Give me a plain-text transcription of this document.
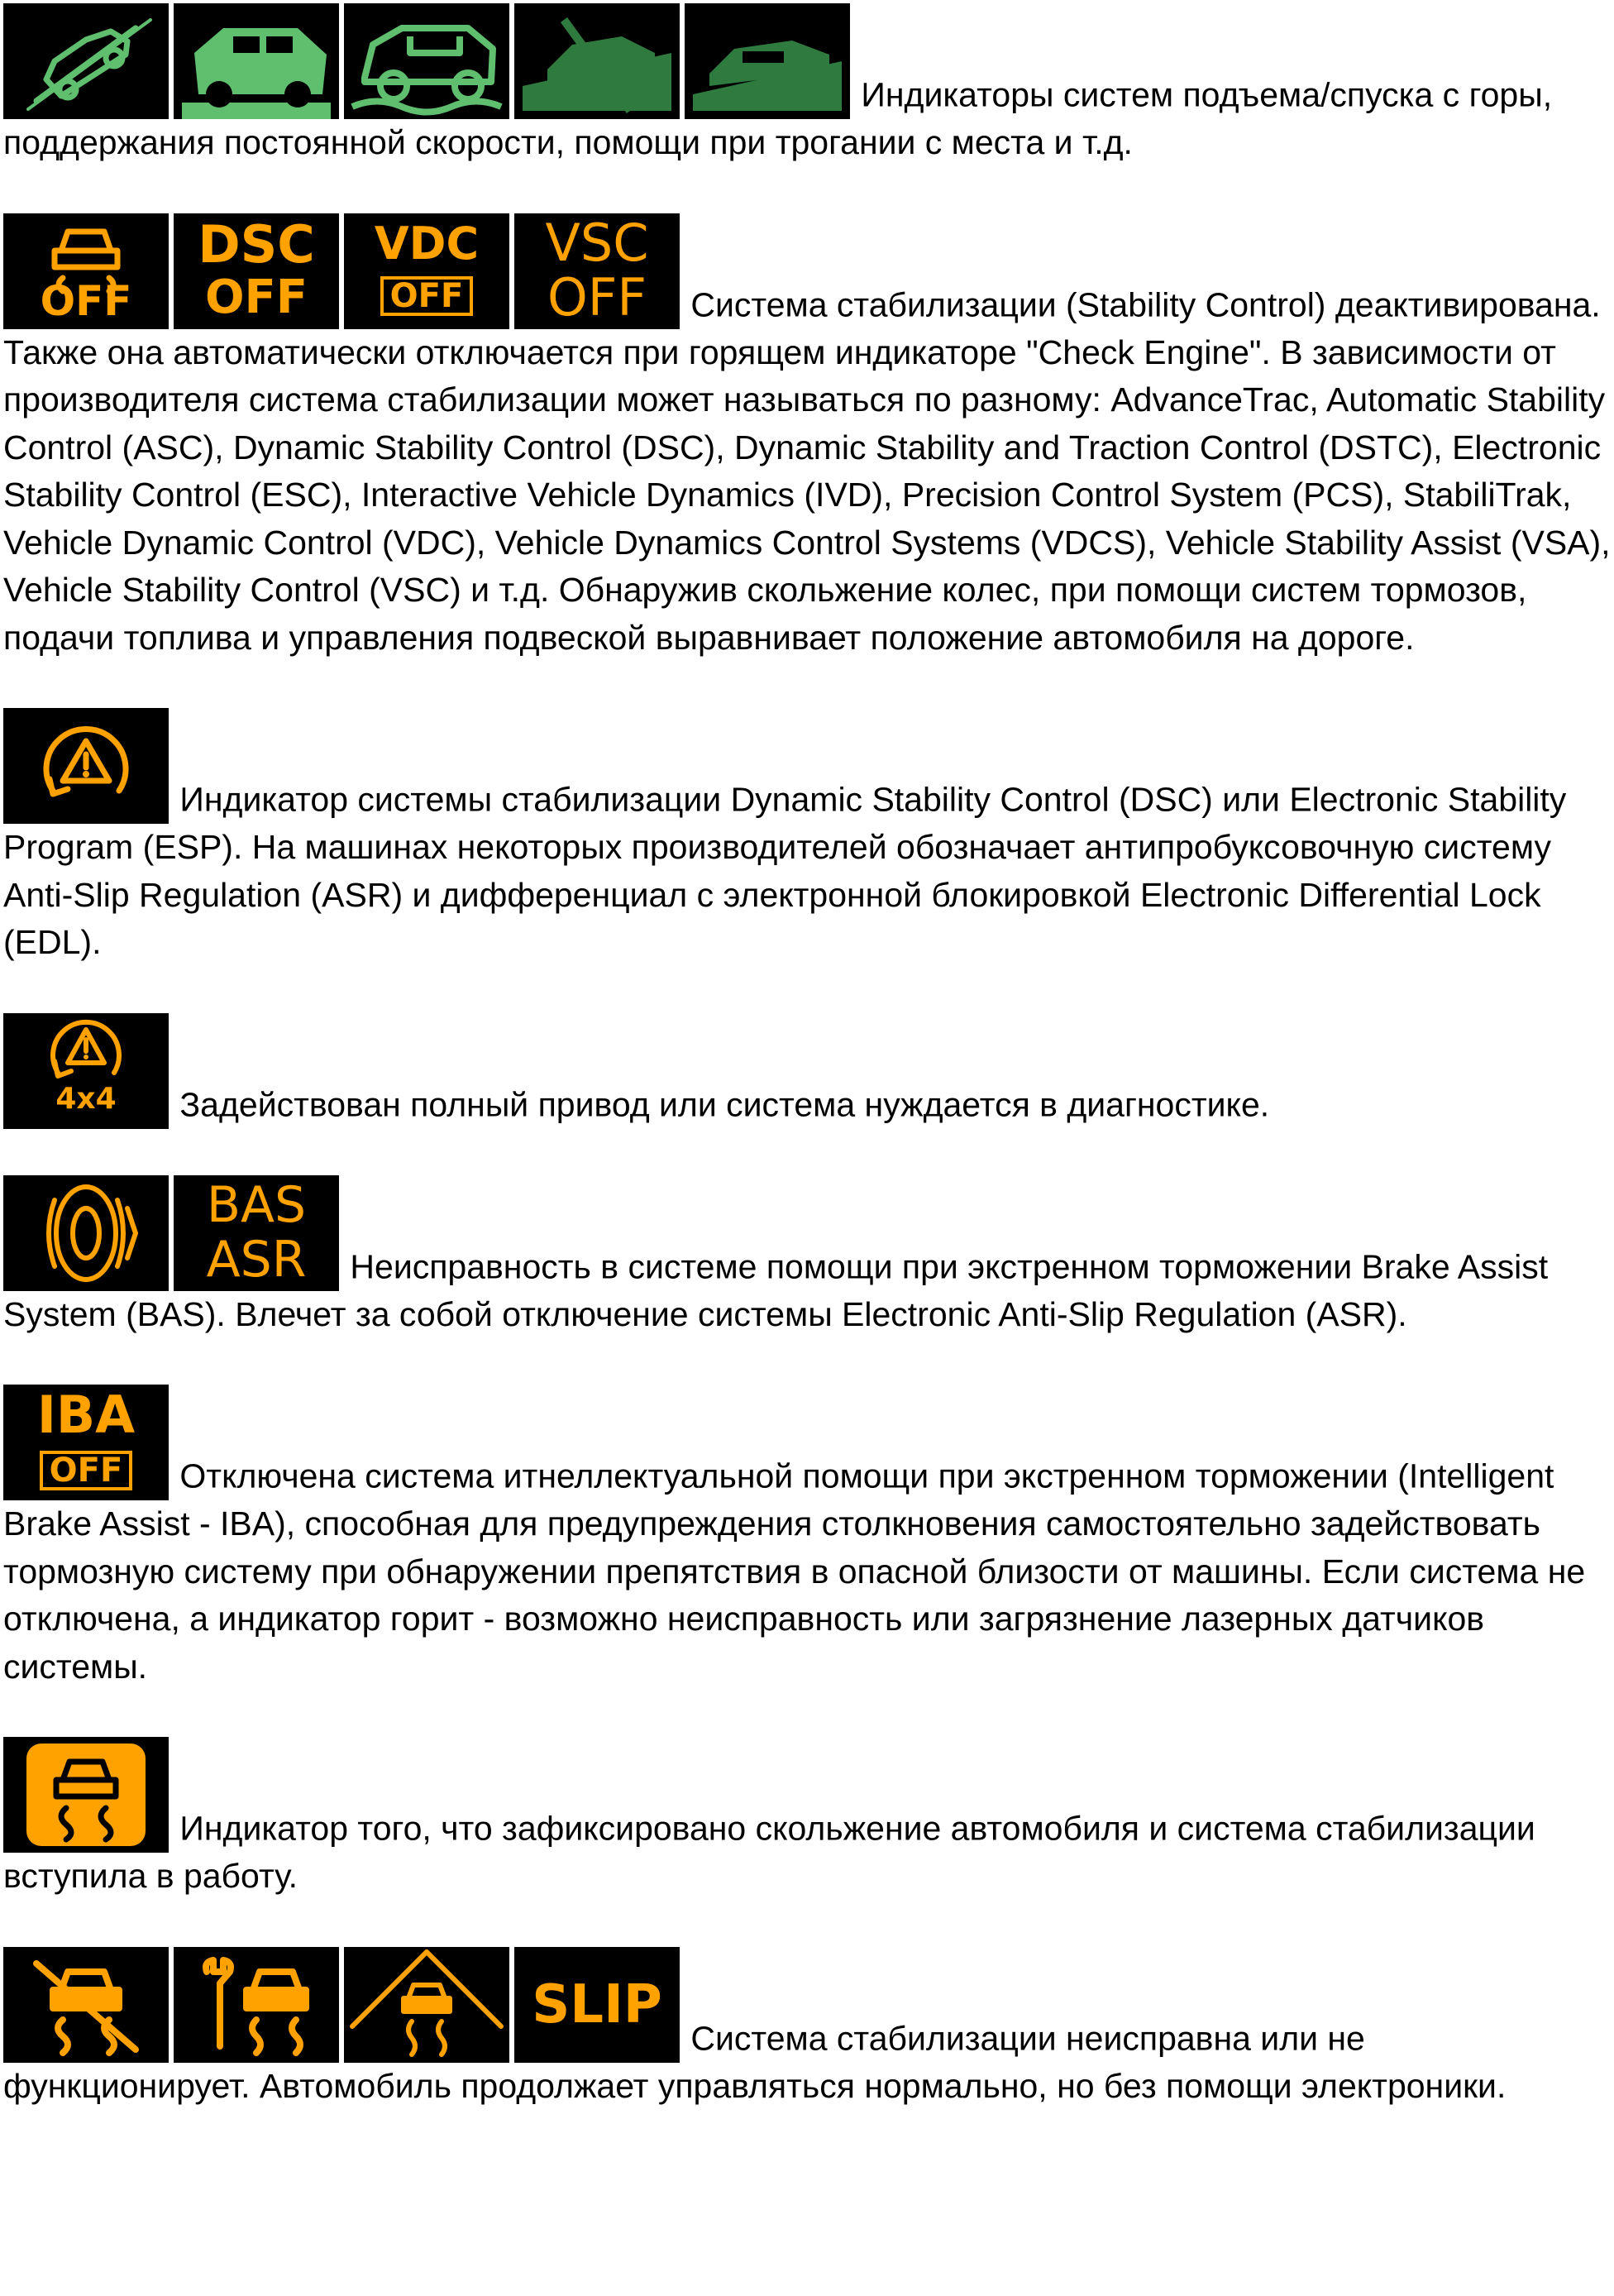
Индикаторы систем подъема/спуска с горы, поддержания постоянной скорости, помощи при трогании с места и т.д.

OFF
DSC
OFF
VDC
OFF
VSC
OFF	Система стабилизации (Stability Control) деактивирована. Также она автоматически отключается при горящем индикаторе "Check Engine". В зависимости от производителя система стабилизации может называться по разному: AdvanceTrac, Automatic Stability Control (ASC), Dynamic Stability Control (DSC), Dynamic Stability and Traction Control (DSTC), Electronic Stability Control (ESC), Interactive Vehicle Dynamics (IVD), Precision Control System (PCS), StabiliTrak, Vehicle Dynamic Control (VDC), Vehicle Dynamics Control Systems (VDCS), Vehicle Stability Assist (VSA), Vehicle Stability Control (VSC) и т.д. Обнаружив скольжение колес, при помощи систем тормозов, подачи топлива и управления подвеской выравнивает положение автомобиля на дороге.

Индикатор системы стабилизации Dynamic Stability Control (DSC) или Electronic Stability Program (ESP). На машинах некоторых производителей обозначает антипробуксовочную систему Anti-Slip Regulation (ASR) и дифференциал с электронной блокировкой Electronic Differential Lock (EDL).

4x4	Задействован полный привод или система нуждается в диагностике.

BAS
ASR	Неисправность в системе помощи при экстренном торможении Brake Assist System (BAS). Влечет за собой отключение системы Electronic Anti-Slip Regulation (ASR).

IBA
OFF	Отключена система итнеллектуальной помощи при экстренном торможении (Intelligent Brake Assist - IBA), способная для предупреждения столкновения самостоятельно задействовать тормозную систему при обнаружении препятствия в опасной близости от машины. Если система не отключена, а индикатор горит - возможно неисправность или загрязнение лазерных датчиков системы.

Индикатор того, что зафиксировано скольжение автомобиля и система стабилизации вступила в работу.

SLIP
Система стабилизации неисправна или не функционирует. Автомобиль продолжает управляться нормально, но без помощи электроники.
